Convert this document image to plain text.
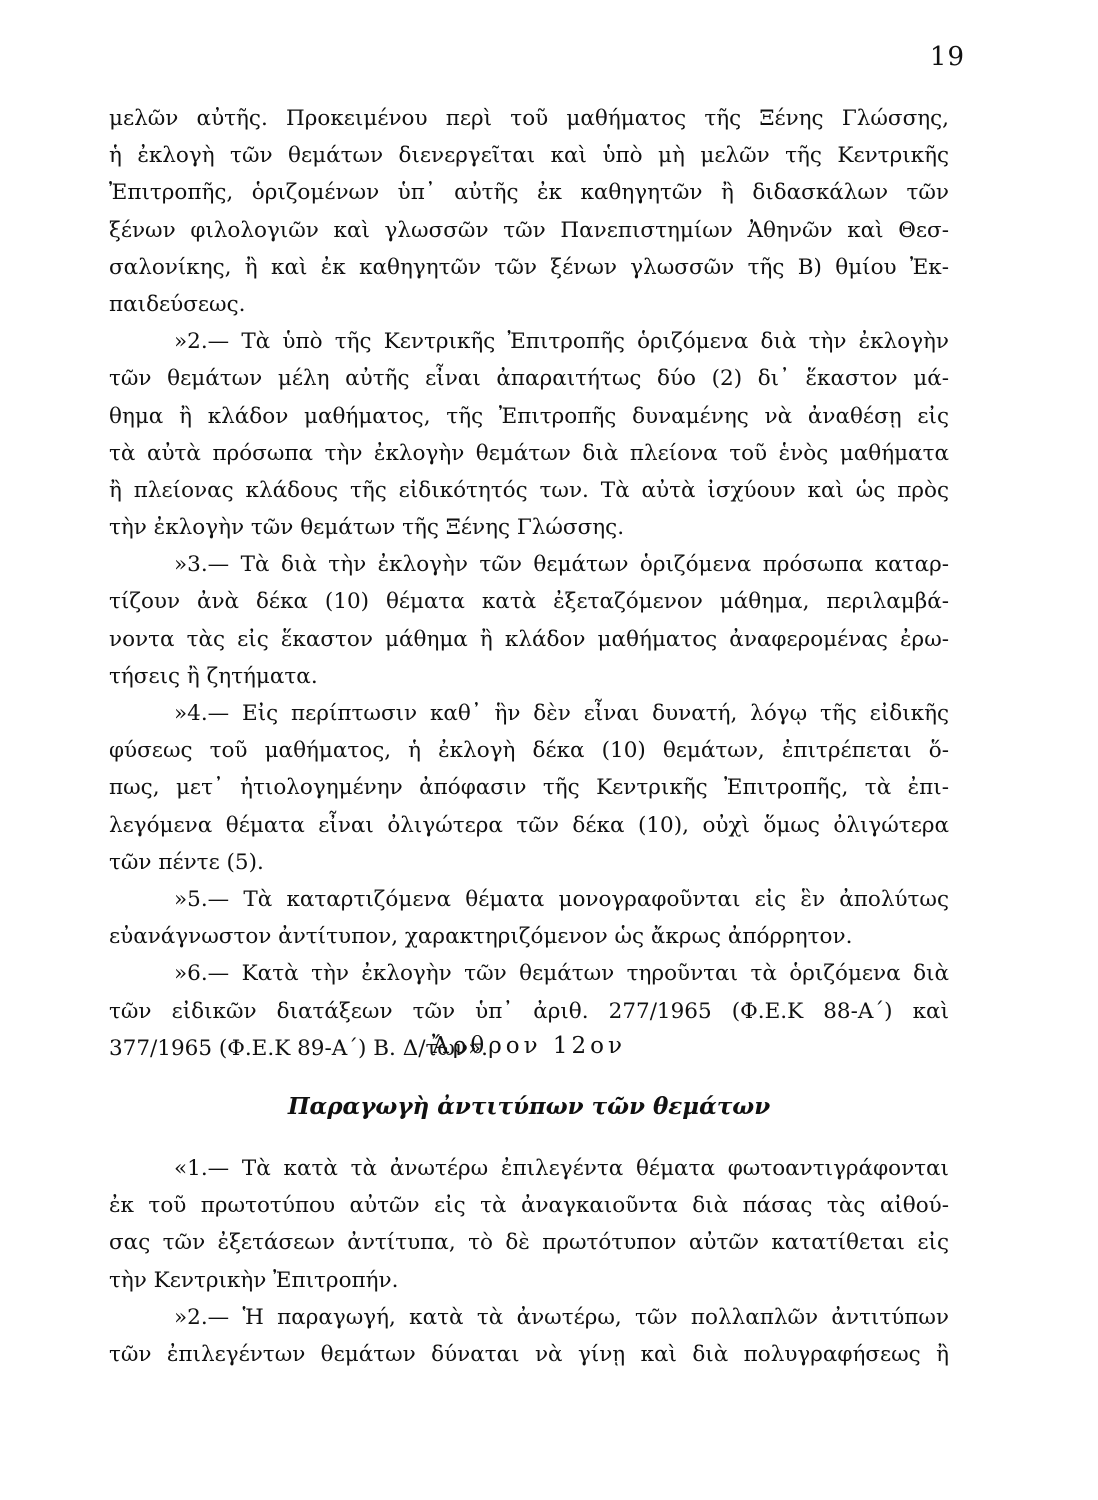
19
μελῶν αὐτῆς. Προκειμένου περὶ τοῦ μαθήματος τῆς Ξένης Γλώσσης,
ἡ ἐκλογὴ τῶν θεμάτων διενεργεῖται καὶ ὑπὸ μὴ μελῶν τῆς Κεντρικῆς
Ἐπιτροπῆς, ὁριζομένων ὑπ᾿ αὐτῆς ἐκ καθηγητῶν ἢ διδασκάλων τῶν
ξένων φιλολογιῶν καὶ γλωσσῶν τῶν Πανεπιστημίων Ἀθηνῶν καὶ Θεσ-
σαλονίκης, ἢ καὶ ἐκ καθηγητῶν τῶν ξένων γλωσσῶν τῆς Β) θμίου Ἐκ-
παιδεύσεως.
»2.— Τὰ ὑπὸ τῆς Κεντρικῆς Ἐπιτροπῆς ὁριζόμενα διὰ τὴν ἐκλογὴν
τῶν θεμάτων μέλη αὐτῆς εἶναι ἀπαραιτήτως δύο (2) δι᾿ ἕκαστον μά-
θημα ἢ κλάδον μαθήματος, τῆς Ἐπιτροπῆς δυναμένης νὰ ἀναθέσῃ εἰς
τὰ αὐτὰ πρόσωπα τὴν ἐκλογὴν θεμάτων διὰ πλείονα τοῦ ἑνὸς μαθήματα
ἢ πλείονας κλάδους τῆς εἰδικότητός των. Τὰ αὐτὰ ἰσχύουν καὶ ὡς πρὸς
τὴν ἐκλογὴν τῶν θεμάτων τῆς Ξένης Γλώσσης.
»3.— Τὰ διὰ τὴν ἐκλογὴν τῶν θεμάτων ὁριζόμενα πρόσωπα καταρ-
τίζουν ἀνὰ δέκα (10) θέματα κατὰ ἐξεταζόμενον μάθημα, περιλαμβά-
νοντα τὰς εἰς ἕκαστον μάθημα ἢ κλάδον μαθήματος ἀναφερομένας ἐρω-
τήσεις ἢ ζητήματα.
»4.— Εἰς περίπτωσιν καθ᾿ ἣν δὲν εἶναι δυνατή, λόγῳ τῆς εἰδικῆς
φύσεως τοῦ μαθήματος, ἡ ἐκλογὴ δέκα (10) θεμάτων, ἐπιτρέπεται ὅ-
πως, μετ᾿ ἠτιολογημένην ἀπόφασιν τῆς Κεντρικῆς Ἐπιτροπῆς, τὰ ἐπι-
λεγόμενα θέματα εἶναι ὀλιγώτερα τῶν δέκα (10), οὐχὶ ὅμως ὀλιγώτερα
τῶν πέντε (5).
»5.— Τὰ καταρτιζόμενα θέματα μονογραφοῦνται εἰς ἓν ἀπολύτως
εὐανάγνωστον ἀντίτυπον, χαρακτηριζόμενον ὡς ἄκρως ἀπόρρητον.
»6.— Κατὰ τὴν ἐκλογὴν τῶν θεμάτων τηροῦνται τὰ ὁριζόμενα διὰ
τῶν εἰδικῶν διατάξεων τῶν ὑπ᾿ ἀριθ. 277/1965 (Φ.Ε.Κ 88-Α΄) καὶ
377/1965 (Φ.Ε.Κ 89-Α΄) Β. Δ/των».
Ἄρθρον 12ον
Παραγωγὴ ἀντιτύπων τῶν θεμάτων
«1.— Τὰ κατὰ τὰ ἀνωτέρω ἐπιλεγέντα θέματα φωτοαντιγράφονται
ἐκ τοῦ πρωτοτύπου αὐτῶν εἰς τὰ ἀναγκαιοῦντα διὰ πάσας τὰς αἰθού-
σας τῶν ἐξετάσεων ἀντίτυπα, τὸ δὲ πρωτότυπον αὐτῶν κατατίθεται εἰς
τὴν Κεντρικὴν Ἐπιτροπήν.
»2.— Ἡ παραγωγή, κατὰ τὰ ἀνωτέρω, τῶν πολλαπλῶν ἀντιτύπων
τῶν ἐπιλεγέντων θεμάτων δύναται νὰ γίνῃ καὶ διὰ πολυγραφήσεως ἢ
